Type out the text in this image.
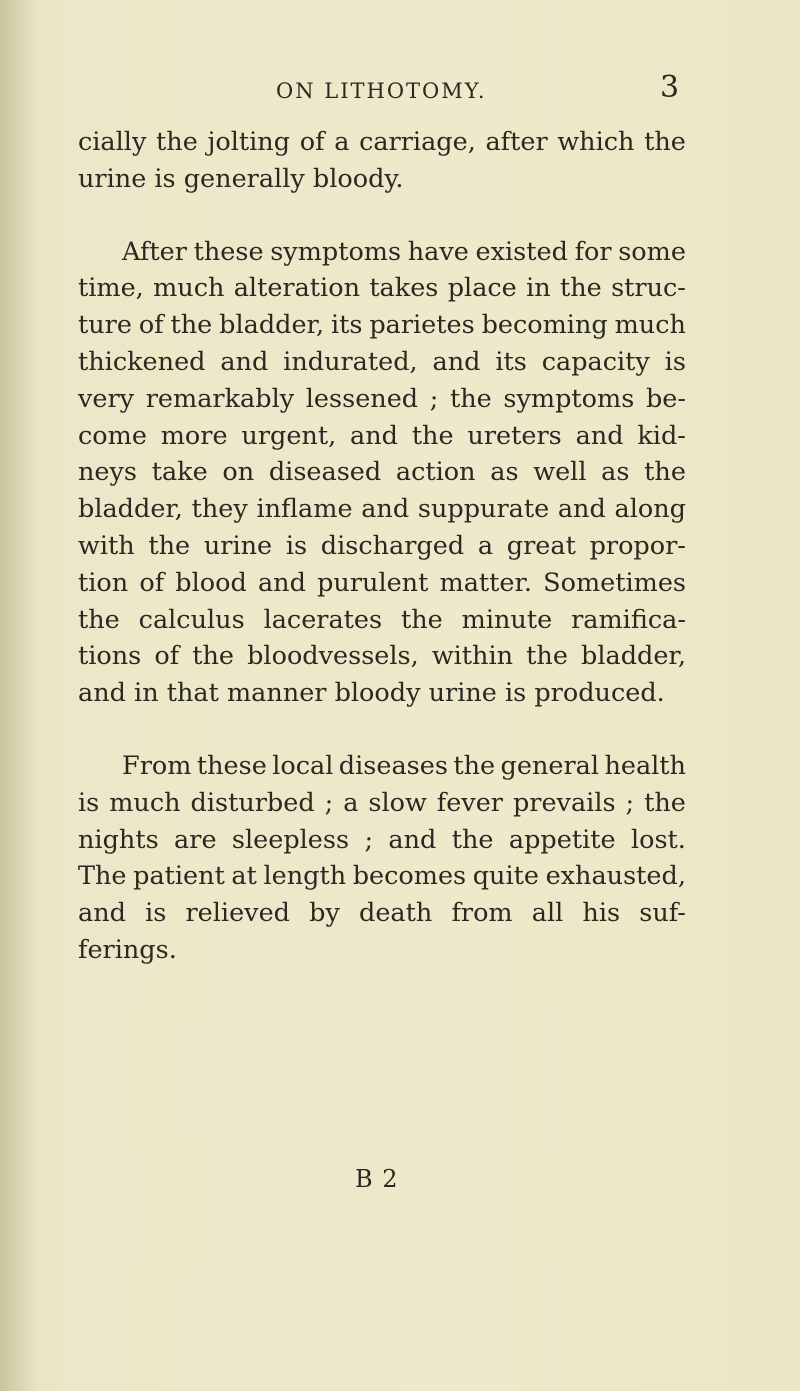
ON LITHOTOMY.	3
cially the jolting of a carriage, after which the
urine is generally bloody.
After these symptoms have existed for some
time, much alteration takes place in the struc-
ture of the bladder, its parietes becoming much
thickened and indurated, and its capacity is
very remarkably lessened ; the symptoms be-
come more urgent, and the ureters and kid-
neys take on diseased action as well as the
bladder, they inflame and suppurate and along
with the urine is discharged a great propor-
tion of blood and purulent matter. Sometimes
the calculus lacerates the minute ramifica-
tions of the bloodvessels, within the bladder,
and in that manner bloody urine is produced.
From these local diseases the general health
is much disturbed ; a slow fever prevails ; the
nights are sleepless ; and the appetite lost.
The patient at length becomes quite exhausted,
and is relieved by death from all his suf-
ferings.
B 2
